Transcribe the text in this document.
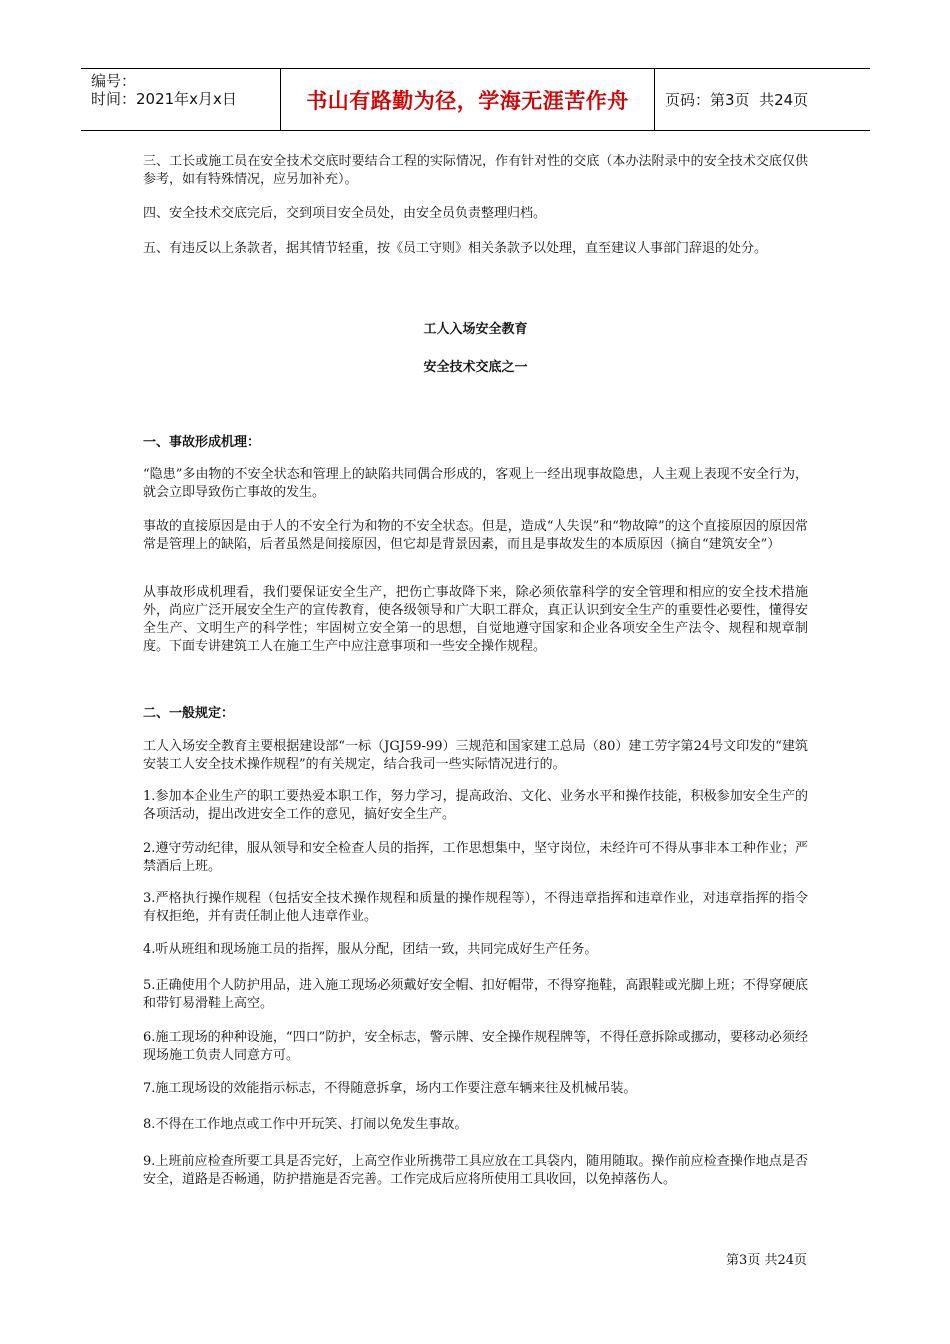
编号：
时间：2021年x月x日	书山有路勤为径，学海无涯苦作舟	页码：第3页  共24页

三、工长或施工员在安全技术交底时要结合工程的实际情况，作有针对性的交底（本办法附录中的安全技术交底仅供参考，如有特殊情况，应另加补充）。

四、安全技术交底完后，交到项目安全员处，由安全员负责整理归档。

五、有违反以上条款者，据其情节轻重，按《员工守则》相关条款予以处理，直至建议人事部门辞退的处分。

工人入场安全教育

安全技术交底之一

一、事故形成机理：

“隐患”多由物的不安全状态和管理上的缺陷共同偶合形成的，客观上一经出现事故隐患，人主观上表现不安全行为，就会立即导致伤亡事故的发生。

事故的直接原因是由于人的不安全行为和物的不安全状态。但是，造成“人失误”和“物故障”的这个直接原因的原因常常是管理上的缺陷，后者虽然是间接原因，但它却是背景因素，而且是事故发生的本质原因（摘自“建筑安全”）

从事故形成机理看，我们要保证安全生产，把伤亡事故降下来，除必须依靠科学的安全管理和相应的安全技术措施外，尚应广泛开展安全生产的宣传教育，使各级领导和广大职工群众，真正认识到安全生产的重要性必要性，懂得安全生产、文明生产的科学性；牢固树立安全第一的思想，自觉地遵守国家和企业各项安全生产法令、规程和规章制度。下面专讲建筑工人在施工生产中应注意事项和一些安全操作规程。

二、一般规定：

工人入场安全教育主要根据建设部“一标（JGJ59-99）三规范和国家建工总局（80）建工劳字第24号文印发的“建筑安装工人安全技术操作规程”的有关规定，结合我司一些实际情况进行的。

1.参加本企业生产的职工要热爱本职工作，努力学习，提高政治、文化、业务水平和操作技能，积极参加安全生产的各项活动，提出改进安全工作的意见，搞好安全生产。

2.遵守劳动纪律，服从领导和安全检查人员的指挥，工作思想集中，坚守岗位，未经许可不得从事非本工种作业；严禁酒后上班。

3.严格执行操作规程（包括安全技术操作规程和质量的操作规程等），不得违章指挥和违章作业，对违章指挥的指令有权拒绝，并有责任制止他人违章作业。

4.听从班组和现场施工员的指挥，服从分配，团结一致，共同完成好生产任务。

5.正确使用个人防护用品，进入施工现场必须戴好安全帽、扣好帽带，不得穿拖鞋，高跟鞋或光脚上班；不得穿硬底和带钉易滑鞋上高空。

6.施工现场的种种设施，“四口”防护，安全标志，警示牌、安全操作规程牌等，不得任意拆除或挪动，要移动必须经现场施工负责人同意方可。

7.施工现场设的效能指示标志，不得随意拆拿，场内工作要注意车辆来往及机械吊装。

8.不得在工作地点或工作中开玩笑、打闹以免发生事故。

9.上班前应检查所要工具是否完好，上高空作业所携带工具应放在工具袋内，随用随取。操作前应检查操作地点是否安全，道路是否畅通，防护措施是否完善。工作完成后应将所使用工具收回，以免掉落伤人。

第3页 共24页
